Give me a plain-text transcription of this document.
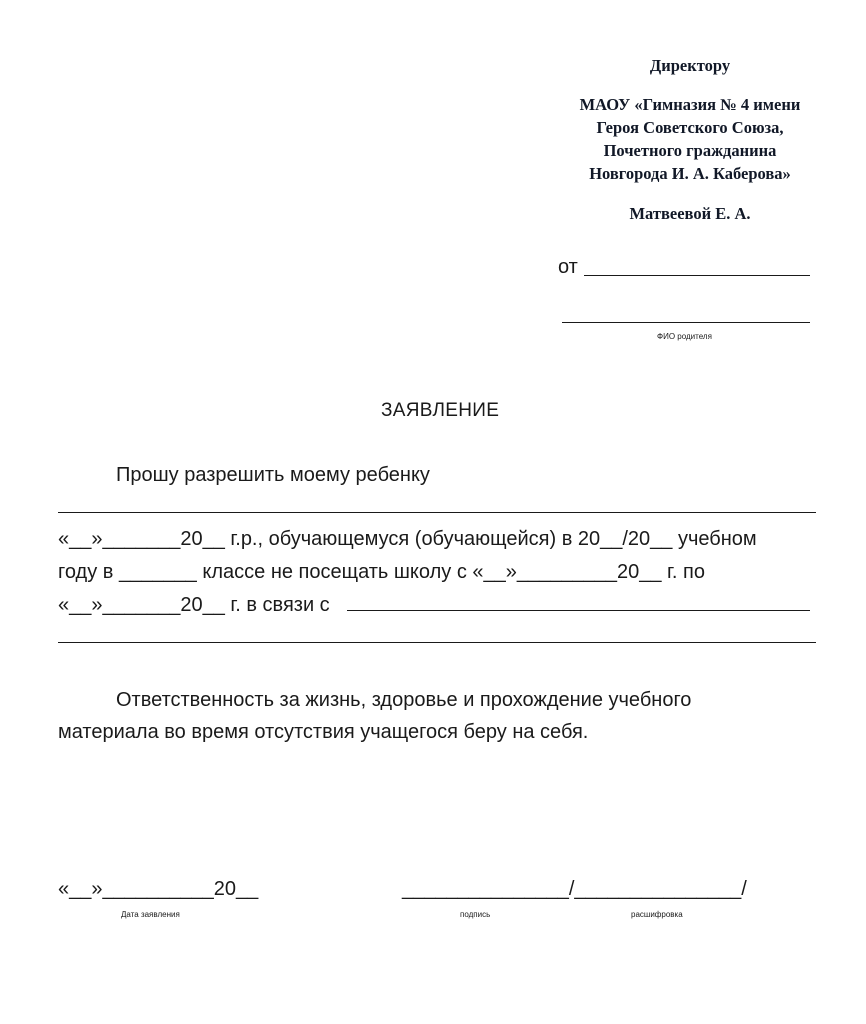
Директору
МАОУ «Гимназия № 4 имени
Героя Советского Союза,
Почетного гражданина
Новгорода И. А. Каберова»
Матвеевой Е. А.
от
ФИО родителя
ЗАЯВЛЕНИЕ
Прошу разрешить моему ребенку
«__»_______20__ г.р., обучающемуся (обучающейся) в 20__/20__ учебном
году в _______ классе не посещать школу с «__»_________20__ г. по
«__»_______20__ г. в связи с
Ответственность за жизнь, здоровье и прохождение учебного
материала во время отсутствия учащегося беру на себя.
«__»__________20__	_______________/_______________/
Дата заявления	подпись	расшифровка
